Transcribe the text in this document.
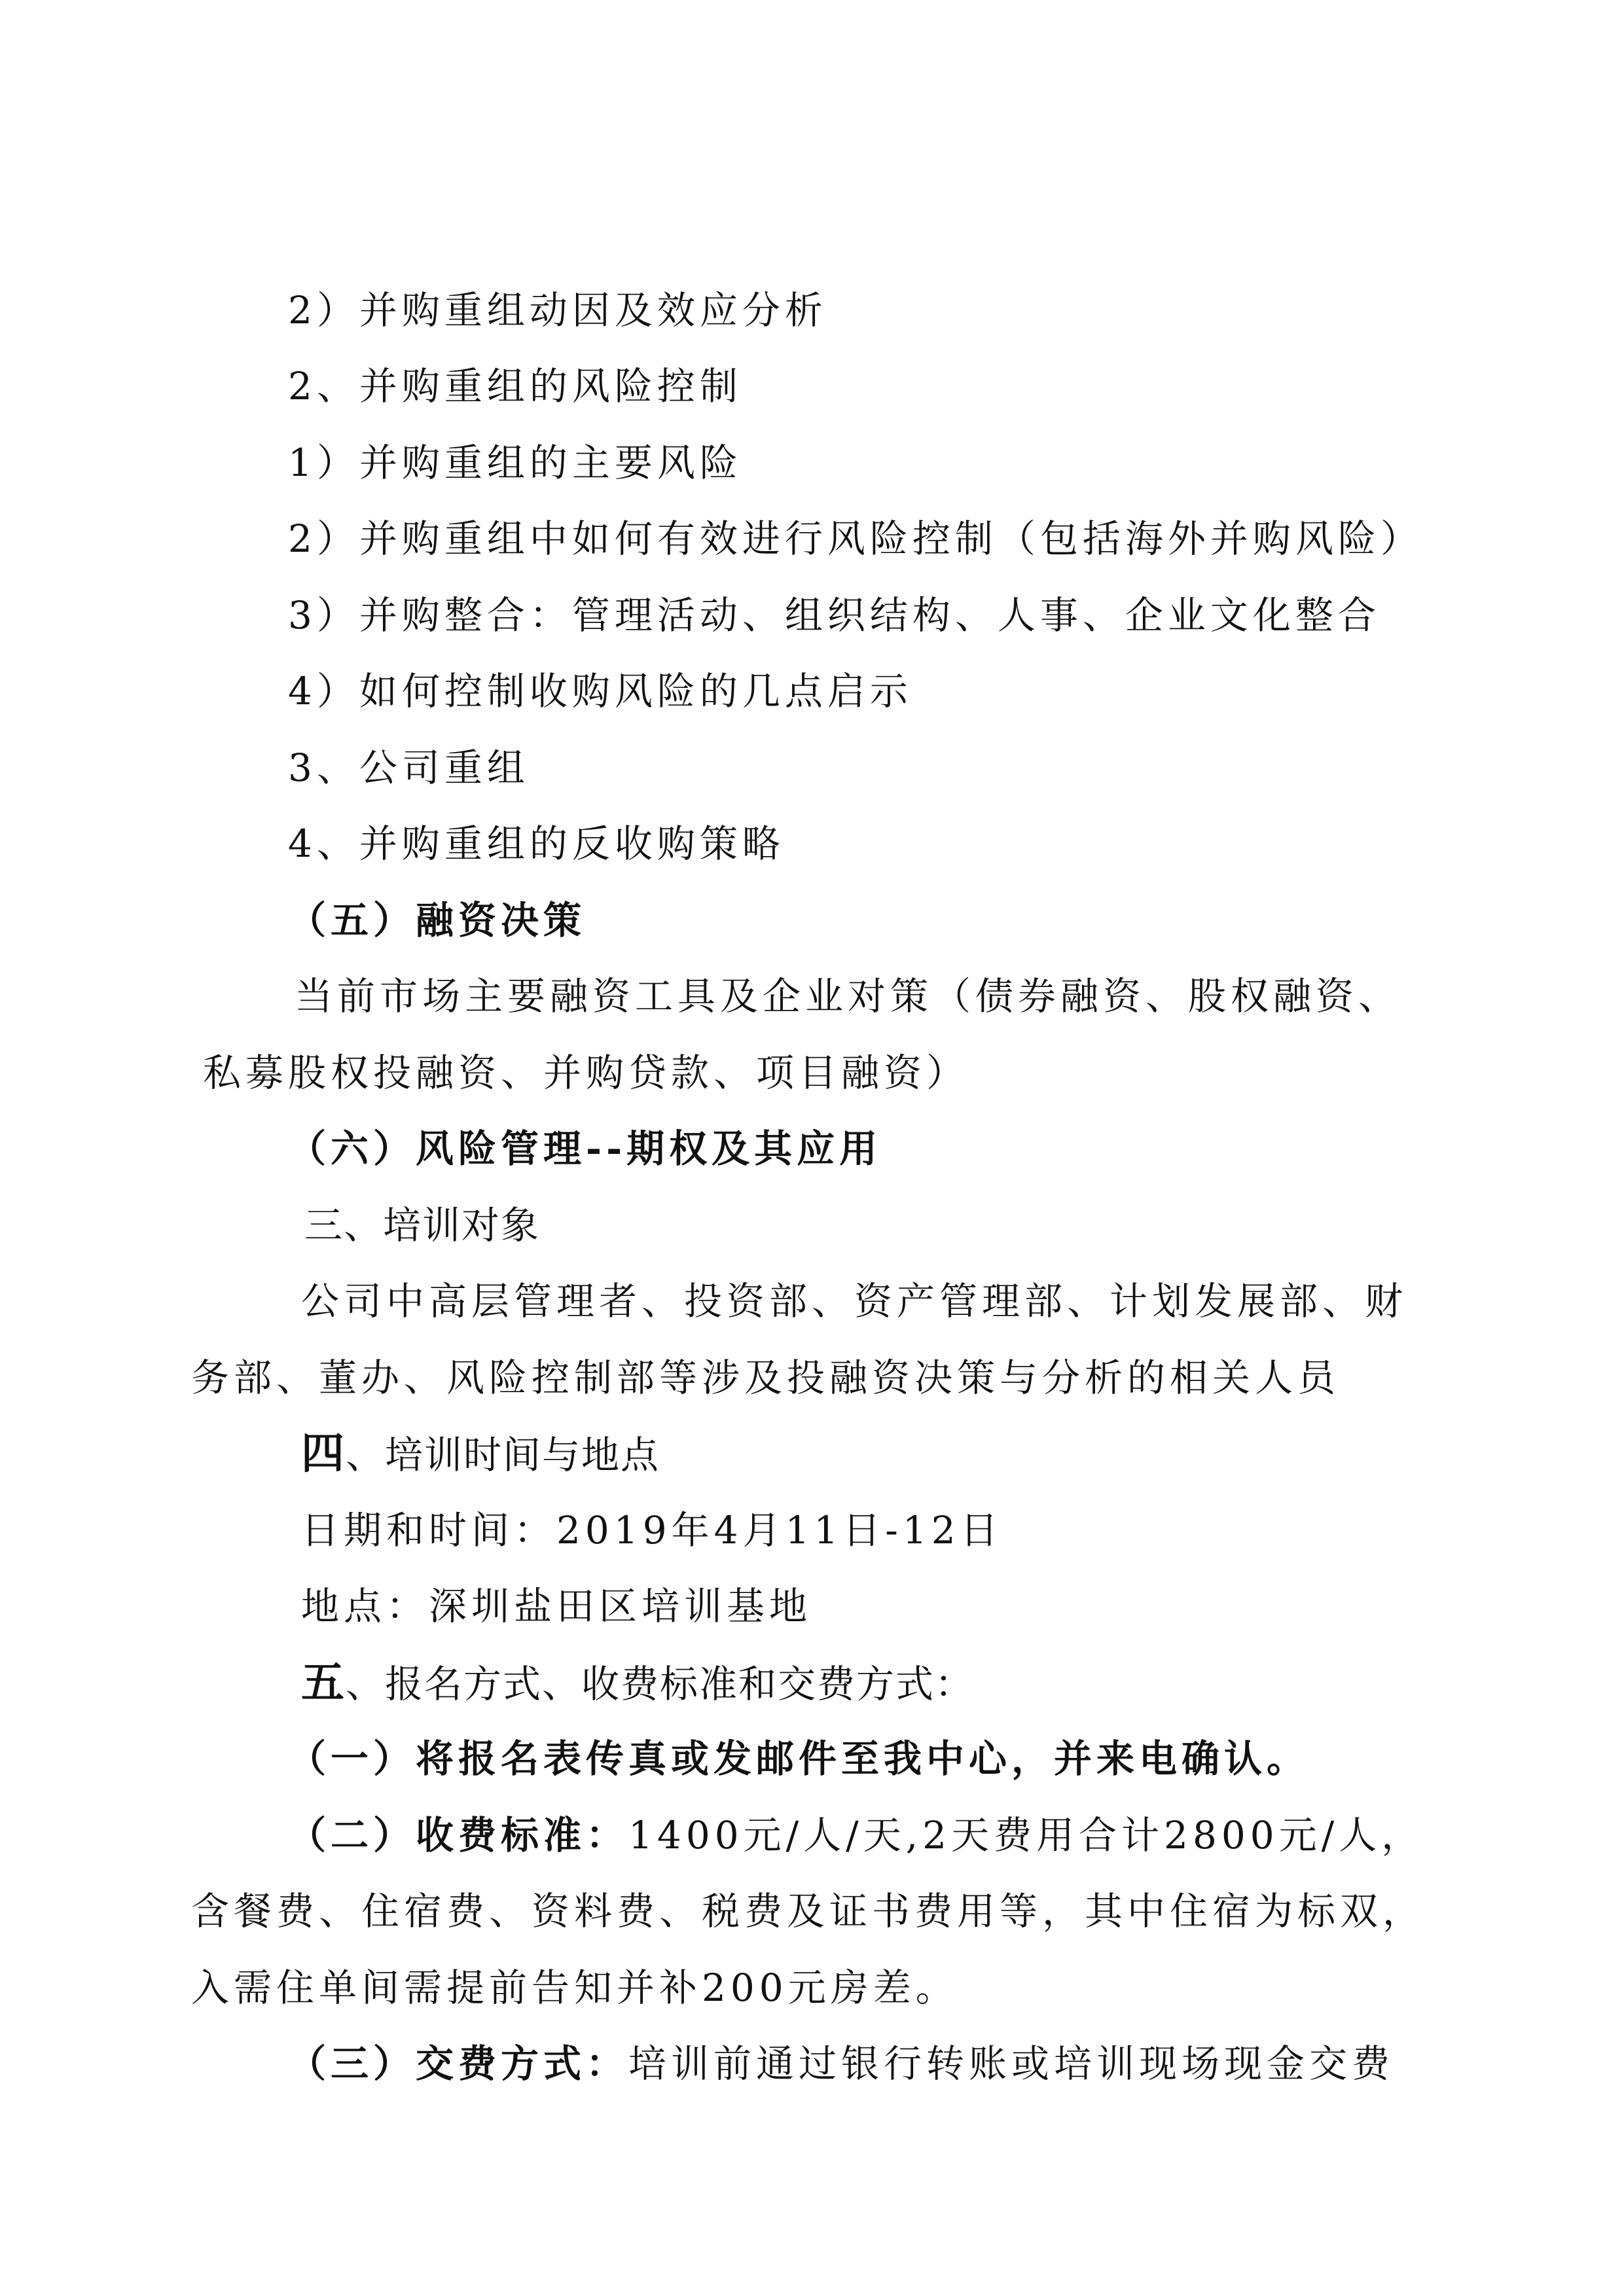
2）并购重组动因及效应分析
2、并购重组的风险控制
1）并购重组的主要风险
2）并购重组中如何有效进行风险控制（包括海外并购风险）
3）并购整合：管理活动、组织结构、人事、企业文化整合
4）如何控制收购风险的几点启示
3、公司重组
4、并购重组的反收购策略
（五）融资决策
当前市场主要融资工具及企业对策（债券融资、股权融资、
私募股权投融资、并购贷款、项目融资）
（六）风险管理--期权及其应用
三、培训对象
公司中高层管理者、投资部、资产管理部、计划发展部、财
务部、董办、风险控制部等涉及投融资决策与分析的相关人员
四、培训时间与地点
日期和时间：2019年4月11日-12日
地点：深圳盐田区培训基地
五、报名方式、收费标准和交费方式：
（一）将报名表传真或发邮件至我中心，并来电确认。
（二）收费标准：1400元/人/天,2天费用合计2800元/人，
含餐费、住宿费、资料费、税费及证书费用等，其中住宿为标双，
入需住单间需提前告知并补200元房差。
（三）交费方式：培训前通过银行转账或培训现场现金交费
